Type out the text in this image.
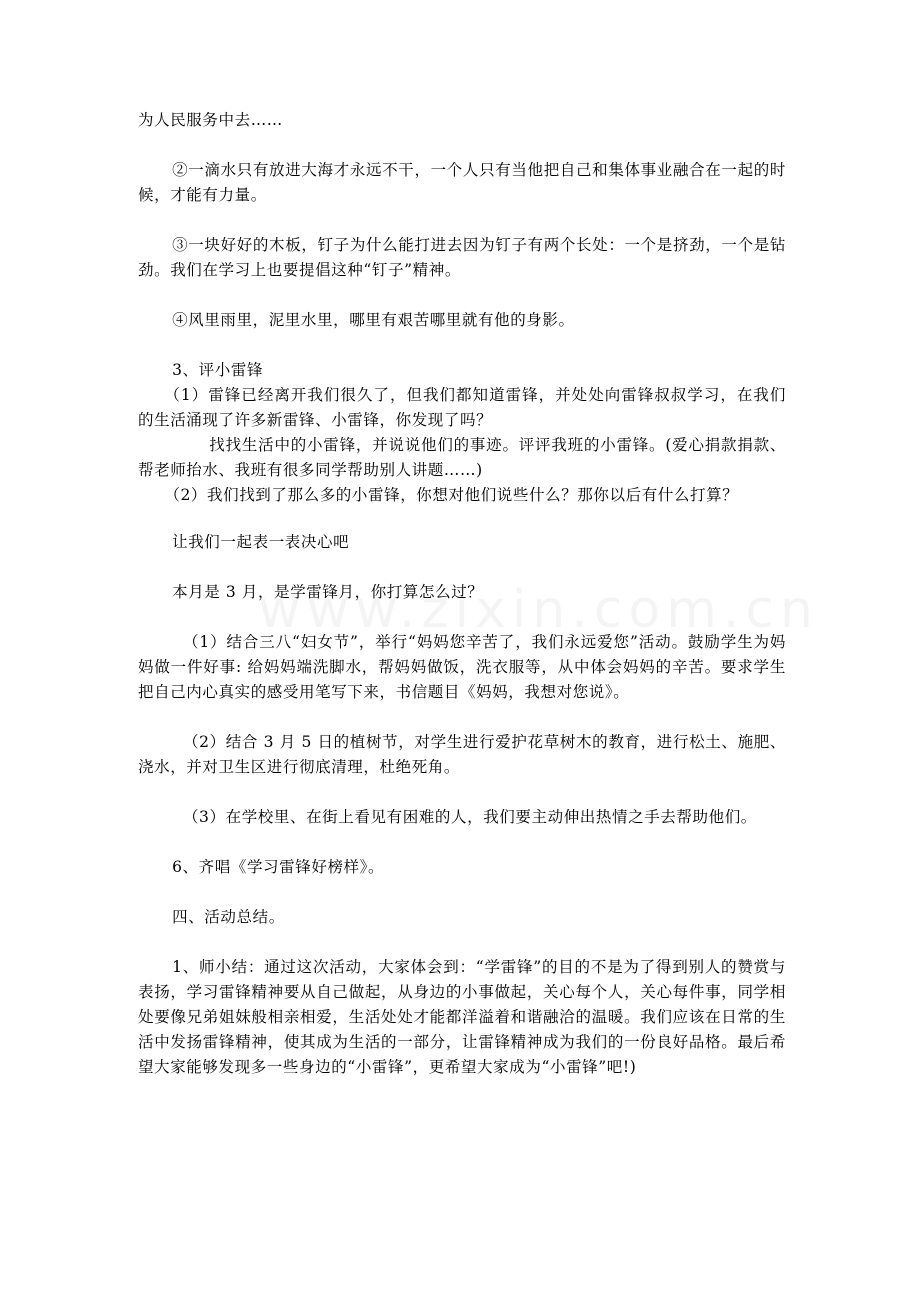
为人民服务中去……

②一滴水只有放进大海才永远不干，一个人只有当他把自己和集体事业融合在一起的时候，才能有力量。

③一块好好的木板，钉子为什么能打进去因为钉子有两个长处：一个是挤劲，一个是钻劲。我们在学习上也要提倡这种“钉子”精神。

④风里雨里，泥里水里，哪里有艰苦哪里就有他的身影。

3、评小雷锋

（1）雷锋已经离开我们很久了，但我们都知道雷锋，并处处向雷锋叔叔学习，在我们的生活涌现了许多新雷锋、小雷锋，你发现了吗？

找找生活中的小雷锋，并说说他们的事迹。评评我班的小雷锋。(爱心捐款捐款、帮老师抬水、我班有很多同学帮助别人讲题……)

（2）我们找到了那么多的小雷锋，你想对他们说些什么？那你以后有什么打算？

让我们一起表一表决心吧

本月是 3 月，是学雷锋月，你打算怎么过？

（1）结合三八“妇女节”，举行“妈妈您辛苦了，我们永远爱您”活动。鼓励学生为妈妈做一件好事: 给妈妈端洗脚水，帮妈妈做饭，洗衣服等，从中体会妈妈的辛苦。要求学生把自己内心真实的感受用笔写下来，书信题目《妈妈，我想对您说》。

（2）结合 3 月 5 日的植树节，对学生进行爱护花草树木的教育，进行松土、施肥、浇水，并对卫生区进行彻底清理，杜绝死角。

（3）在学校里、在街上看见有困难的人，我们要主动伸出热情之手去帮助他们。

6、齐唱《学习雷锋好榜样》。

四、活动总结。

1、师小结：通过这次活动，大家体会到：“学雷锋”的目的不是为了得到别人的赞赏与表扬，学习雷锋精神要从自己做起，从身边的小事做起，关心每个人，关心每件事，同学相处要像兄弟姐妹般相亲相爱，生活处处才能都洋溢着和谐融洽的温暖。我们应该在日常的生活中发扬雷锋精神，使其成为生活的一部分，让雷锋精神成为我们的一份良好品格。最后希望大家能够发现多一些身边的“小雷锋”，更希望大家成为“小雷锋”吧!)
